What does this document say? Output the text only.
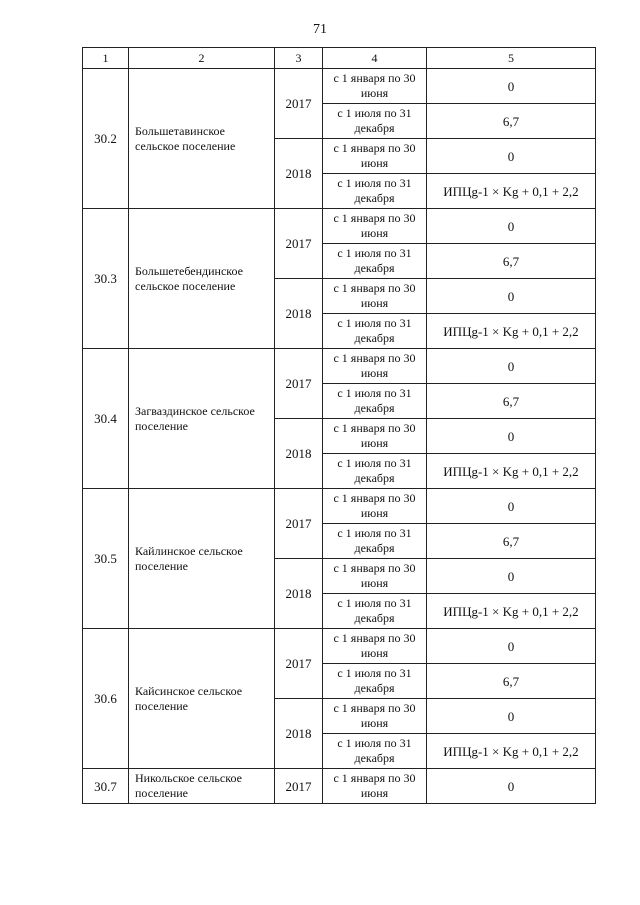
71
1	2	3	4	5
30.2	Большетавинское сельское поселение	2017	с 1 января по 30 июня	0
			с 1 июля по 31 декабря	6,7
		2018	с 1 января по 30 июня	0
			с 1 июля по 31 декабря	ИПЦg-1 × Kg + 0,1 + 2,2
30.3	Большетебендинское сельское поселение	2017	с 1 января по 30 июня	0
			с 1 июля по 31 декабря	6,7
		2018	с 1 января по 30 июня	0
			с 1 июля по 31 декабря	ИПЦg-1 × Kg + 0,1 + 2,2
30.4	Загваздинское сельское поселение	2017	с 1 января по 30 июня	0
			с 1 июля по 31 декабря	6,7
		2018	с 1 января по 30 июня	0
			с 1 июля по 31 декабря	ИПЦg-1 × Kg + 0,1 + 2,2
30.5	Кайлинское сельское поселение	2017	с 1 января по 30 июня	0
			с 1 июля по 31 декабря	6,7
		2018	с 1 января по 30 июня	0
			с 1 июля по 31 декабря	ИПЦg-1 × Kg + 0,1 + 2,2
30.6	Кайсинское сельское поселение	2017	с 1 января по 30 июня	0
			с 1 июля по 31 декабря	6,7
		2018	с 1 января по 30 июня	0
			с 1 июля по 31 декабря	ИПЦg-1 × Kg + 0,1 + 2,2
30.7	Никольское сельское поселение	2017	с 1 января по 30 июня	0
